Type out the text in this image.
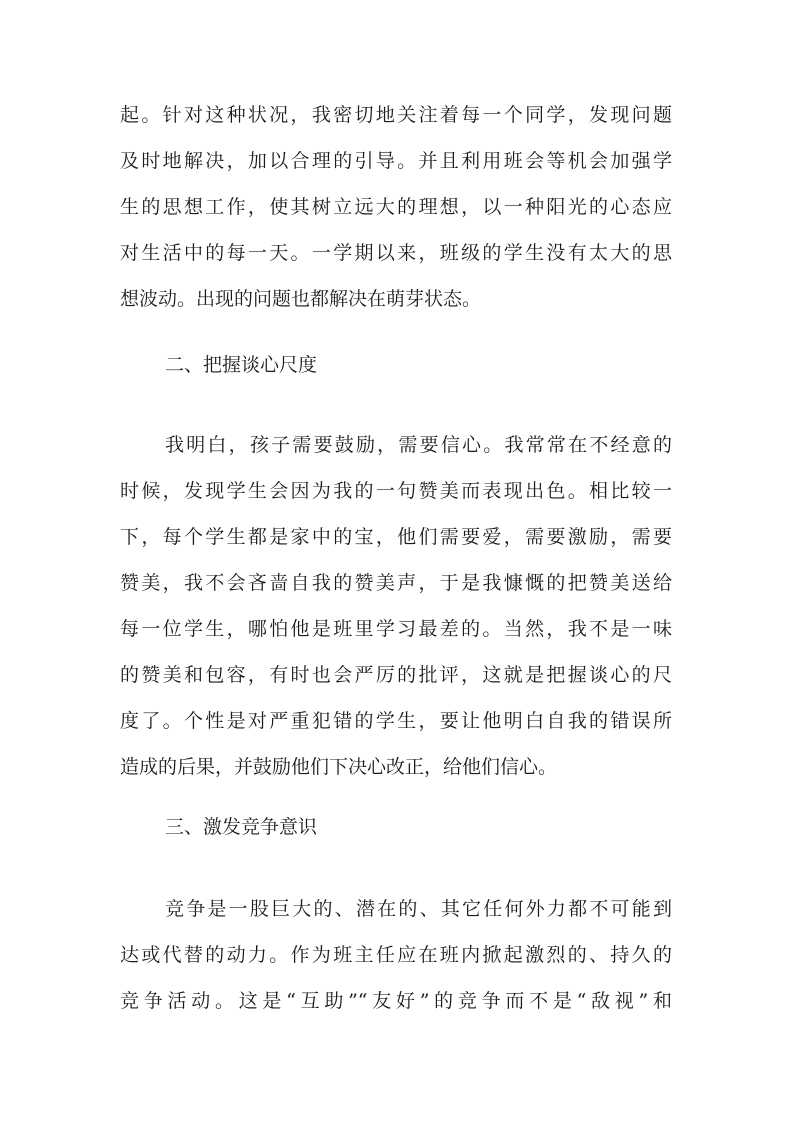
起。针对这种状况，我密切地关注着每一个同学，发现问题
及时地解决，加以合理的引导。并且利用班会等机会加强学
生的思想工作，使其树立远大的理想，以一种阳光的心态应
对生活中的每一天。一学期以来，班级的学生没有太大的思
想波动。出现的问题也都解决在萌芽状态。
二、把握谈心尺度
我明白，孩子需要鼓励，需要信心。我常常在不经意的
时候，发现学生会因为我的一句赞美而表现出色。相比较一
下，每个学生都是家中的宝，他们需要爱，需要激励，需要
赞美，我不会吝啬自我的赞美声，于是我慷慨的把赞美送给
每一位学生，哪怕他是班里学习最差的。当然，我不是一味
的赞美和包容，有时也会严厉的批评，这就是把握谈心的尺
度了。个性是对严重犯错的学生，要让他明白自我的错误所
造成的后果，并鼓励他们下决心改正，给他们信心。
三、激发竞争意识
竞争是一股巨大的、潜在的、其它任何外力都不可能到
达或代替的动力。作为班主任应在班内掀起激烈的、持久的
竞争活动。这是“互助”“友好”的竞争而不是“敌视”和
